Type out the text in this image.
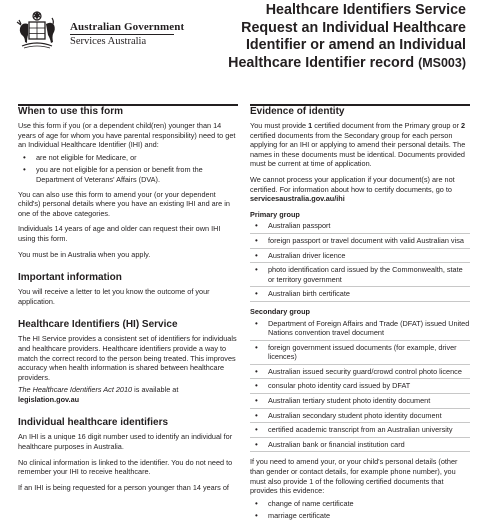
Australian Government
Services Australia
Healthcare Identifiers Service
Request an Individual Healthcare
Identifier or amend an Individual
Healthcare Identifier record (MS003)
When to use this form

Use this form if you (or a dependent child(ren) younger than 14 years of age for whom you have parental responsibility) need to get an Individual Healthcare Identifier (IHI) and:

• are not eligible for Medicare, or
• you are not eligible for a pension or benefit from the Department of Veterans' Affairs (DVA).

You can also use this form to amend your (or your dependent child's) personal details where you have an existing IHI and are in one of the above categories.

Individuals 14 years of age and older can request their own IHI using this form.

You must be in Australia when you apply.

Important information

You will receive a letter to let you know the outcome of your application.

Healthcare Identifiers (HI) Service

The HI Service provides a consistent set of identifiers for individuals and healthcare providers. Healthcare identifiers provide a way to match the correct record to the person being treated. This improves accuracy when health information is shared between healthcare providers.

The Healthcare Identifiers Act 2010 is available at
legislation.gov.au

Individual healthcare identifiers

An IHI is a unique 16 digit number used to identify an individual for healthcare purposes in Australia.

No clinical information is linked to the identifier. You do not need to remember your IHI to receive healthcare.

If an IHI is being requested for a person younger than 14 years of

Evidence of identity

You must provide 1 certified document from the Primary group or 2 certified documents from the Secondary group for each person applying for an IHI or applying to amend their personal details. The names in these documents must be identical. Documents provided must be current at time of application.

We cannot process your application if your document(s) are not certified. For information about how to certify documents, go to
servicesaustralia.gov.au/ihi

Primary group
• Australian passport
• foreign passport or travel document with valid Australian visa
• Australian driver licence
• photo identification card issued by the Commonwealth, state or territory government
• Australian birth certificate
Secondary group
• Department of Foreign Affairs and Trade (DFAT) issued United Nations convention travel document
• foreign government issued documents (for example, driver licences)
• Australian issued security guard/crowd control photo licence
• consular photo identity card issued by DFAT
• Australian tertiary student photo identity document
• Australian secondary student photo identity document
• certified academic transcript from an Australian university
• Australian bank or financial institution card

If you need to amend your, or your child's personal details (other than gender or contact details, for example phone number), you must also provide 1 of the following certified documents that provides this evidence:

• change of name certificate
• marriage certificate
